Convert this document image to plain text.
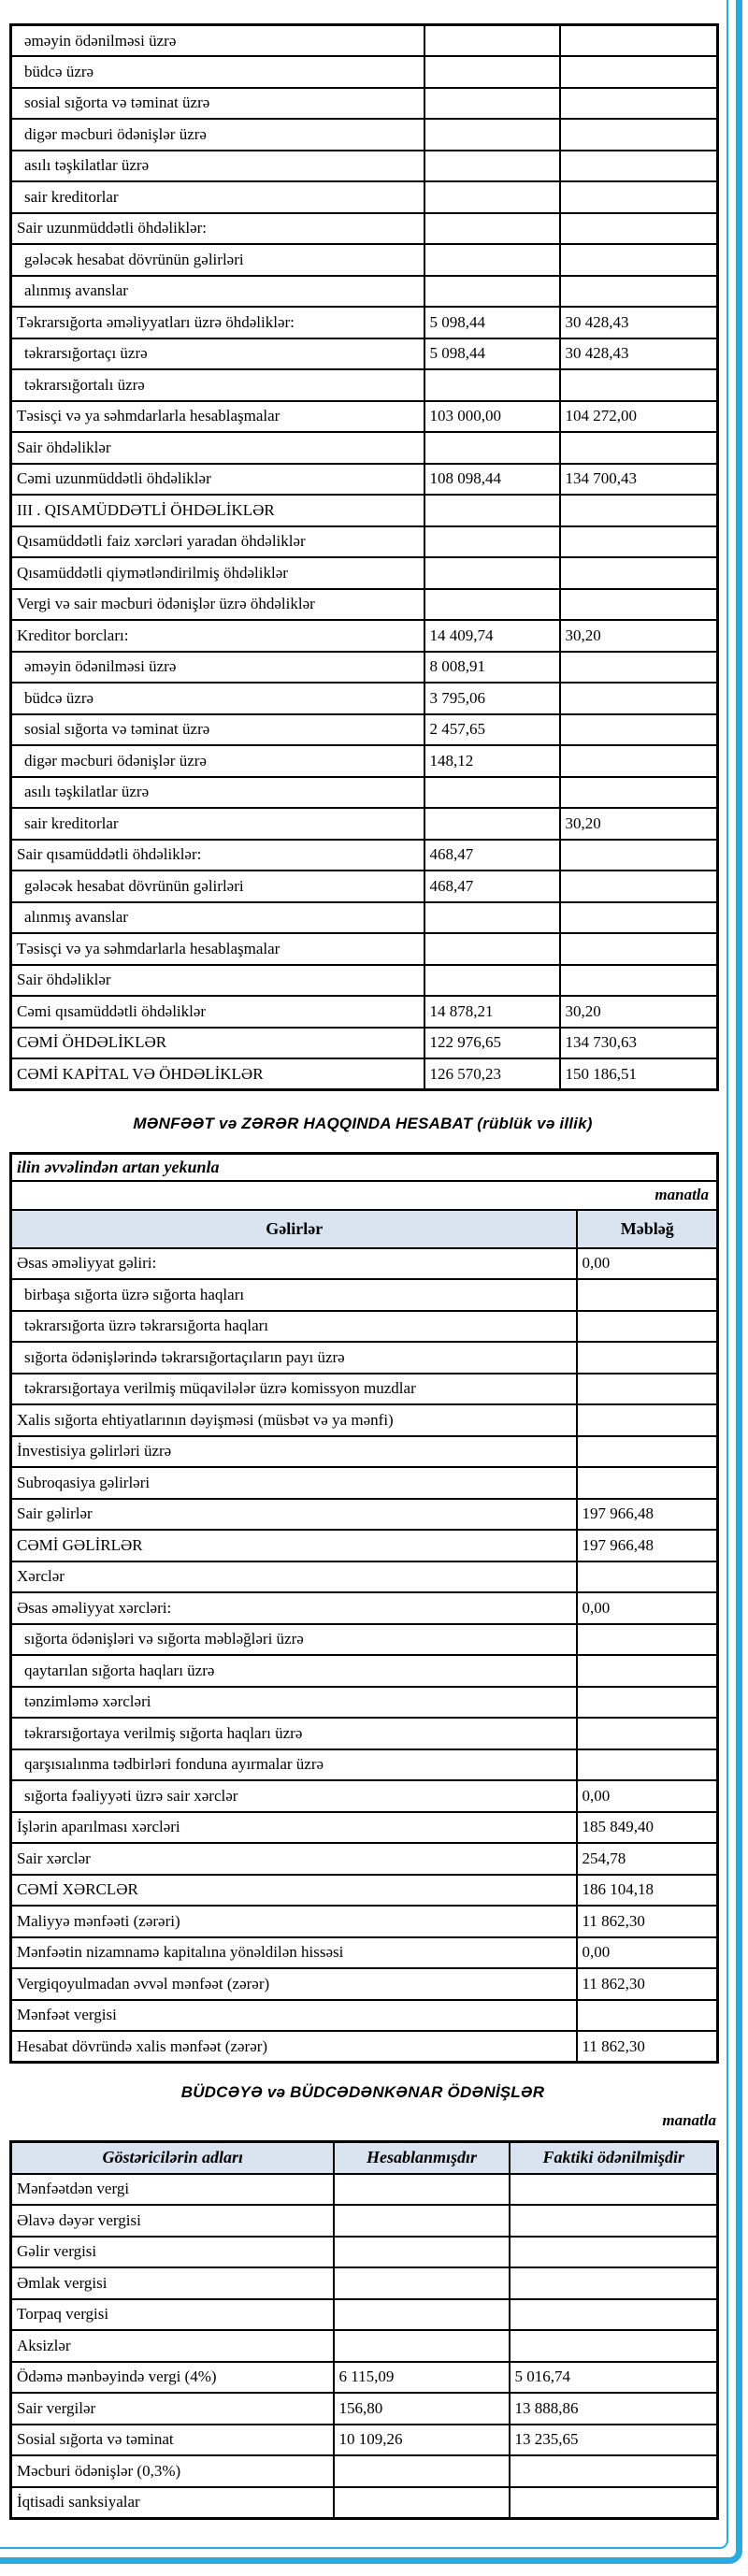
əməyin ödənilməsi üzrə		
büdcə üzrə		
sosial sığorta və təminat üzrə		
digər məcburi ödənişlər üzrə		
asılı təşkilatlar üzrə		
sair kreditorlar		
Sair uzunmüddətli öhdəliklər:		
gələcək hesabat dövrünün gəlirləri		
alınmış avanslar		
Təkrarsığorta əməliyyatları üzrə öhdəliklər:	5 098,44	30 428,43
təkrarsığortaçı üzrə	5 098,44	30 428,43
təkrarsığortalı üzrə		
Təsisçi və ya səhmdarlarla hesablaşmalar	103 000,00	104 272,00
Sair öhdəliklər		
Cəmi uzunmüddətli öhdəliklər	108 098,44	134 700,43
III . QISAMÜDDƏTLİ ÖHDƏLİKLƏR		
Qısamüddətli faiz xərcləri yaradan öhdəliklər		
Qısamüddətli qiymətləndirilmiş öhdəliklər		
Vergi və sair məcburi ödənişlər üzrə öhdəliklər		
Kreditor borcları:	14 409,74	30,20
əməyin ödənilməsi üzrə	8 008,91	
büdcə üzrə	3 795,06	
sosial sığorta və təminat üzrə	2 457,65	
digər məcburi ödənişlər üzrə	148,12	
asılı təşkilatlar üzrə		
sair kreditorlar		30,20
Sair qısamüddətli öhdəliklər:	468,47	
gələcək hesabat dövrünün gəlirləri	468,47	
alınmış avanslar		
Təsisçi və ya səhmdarlarla hesablaşmalar		
Sair öhdəliklər		
Cəmi qısamüddətli öhdəliklər	14 878,21	30,20
CƏMİ ÖHDƏLİKLƏR	122 976,65	134 730,63
CƏMİ KAPİTAL VƏ ÖHDƏLİKLƏR	126 570,23	150 186,51
MƏNFƏƏT və ZƏRƏR HAQQINDA HESABAT (rüblük və illik)
ilin əvvəlindən artan yekunla	
manatla	
Gəlirlər	Məbləğ
Əsas əməliyyat gəliri:	0,00
birbaşa sığorta üzrə sığorta haqları	
təkrarsığorta üzrə təkrarsığorta haqları	
sığorta ödənişlərində təkrarsığortaçıların payı üzrə	
təkrarsığortaya verilmiş müqavilələr üzrə komissyon muzdlar	
Xalis sığorta ehtiyatlarının dəyişməsi (müsbət və ya mənfi)	
İnvestisiya gəlirləri üzrə	
Subroqasiya gəlirləri	
Sair gəlirlər	197 966,48
CƏMİ GƏLİRLƏR	197 966,48
Xərclər	
Əsas əməliyyat xərcləri:	0,00
sığorta ödənişləri və sığorta məbləğləri üzrə	
qaytarılan sığorta haqları üzrə	
tənzimləmə xərcləri	
təkrarsığortaya verilmiş sığorta haqları üzrə	
qarşısıalınma tədbirləri fonduna ayırmalar üzrə	
sığorta fəaliyyəti üzrə sair xərclər	0,00
İşlərin aparılması xərcləri	185 849,40
Sair xərclər	254,78
CƏMİ XƏRCLƏR	186 104,18
Maliyyə mənfəəti (zərəri)	11 862,30
Mənfəətin nizamnamə kapitalına yönəldilən hissəsi	0,00
Vergiqoyulmadan əvvəl mənfəət (zərər)	11 862,30
Mənfəət vergisi	
Hesabat dövründə xalis mənfəət (zərər)	11 862,30
BÜDCƏYƏ və BÜDCƏDƏNKƏNAR ÖDƏNİŞLƏR
manatla
Göstəricilərin adları	Hesablanmışdır	Faktiki ödənilmişdir
Mənfəətdən vergi		
Əlavə dəyər vergisi		
Gəlir vergisi		
Əmlak vergisi		
Torpaq vergisi		
Aksizlər		
Ödəmə mənbəyində vergi (4%)	6 115,09	5 016,74
Sair vergilər	156,80	13 888,86
Sosial sığorta və təminat	10 109,26	13 235,65
Məcburi ödənişlər (0,3%)		
İqtisadi sanksiyalar		
